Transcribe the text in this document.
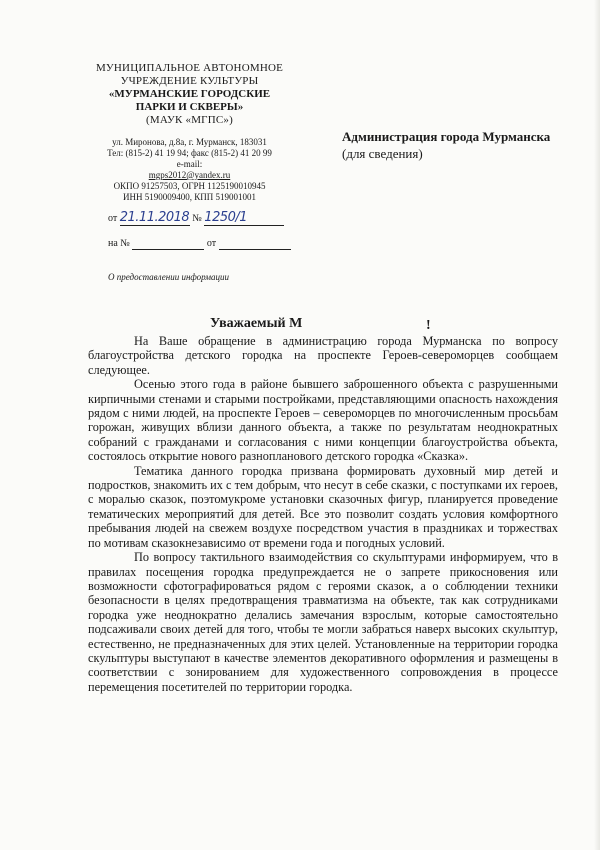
МУНИЦИПАЛЬНОЕ АВТОНОМНОЕ
УЧРЕЖДЕНИЕ КУЛЬТУРЫ
«МУРМАНСКИЕ ГОРОДСКИЕ
ПАРКИ И СКВЕРЫ»
(МАУК «МГПС»)
ул. Миронова, д.8а, г. Мурманск, 183031
Тел: (815-2) 41 19 94; факс (815-2) 41 20 99
e-mail:
mgps2012@yandex.ru
ОКПО 91257503, ОГРН 1125190010945
ИНН 5190009400, КПП 519001001
от 21.11.2018 № 1250/1
на №	от
О предоставлении информации
Администрация города Мурманска
(для сведения)
Уважаемый М	!

На Ваше обращение в администрацию города Мурманска по вопросу благоустройства детского городка на проспекте Героев-североморцев сообщаем следующее.

Осенью этого года в районе бывшего заброшенного объекта с разрушенными кирпичными стенами и старыми постройками, представляющими опасность нахождения рядом с ними людей, на проспекте Героев – североморцев по многочисленным просьбам горожан, живущих вблизи данного объекта, а также по результатам неоднократных собраний с гражданами и согласования с ними концепции благоустройства объекта, состоялось открытие нового разнопланового детского городка «Сказка».

Тематика данного городка призвана формировать духовный мир детей и подростков, знакомить их с тем добрым, что несут в себе сказки, с поступками их героев, с моралью сказок, поэтомукроме установки сказочных фигур, планируется проведение тематических мероприятий для детей. Все это позволит создать условия комфортного пребывания людей на свежем воздухе посредством участия в праздниках и торжествах по мотивам сказокнезависимо от времени года и погодных условий.

По вопросу тактильного взаимодействия со скульптурами информируем, что в правилах посещения городка предупреждается не о запрете прикосновения или возможности сфотографироваться рядом с героями сказок, а о соблюдении техники безопасности в целях предотвращения травматизма на объекте, так как сотрудниками городка уже неоднократно делались замечания взрослым, которые самостоятельно подсаживали своих детей для того, чтобы те могли забраться наверх высоких скульптур, естественно, не предназначенных для этих целей. Установленные на территории городка скульптуры выступают в качестве элементов декоративного оформления и размещены в соответствии с зонированием для художественного сопровождения в процессе перемещения посетителей по территории городка.
